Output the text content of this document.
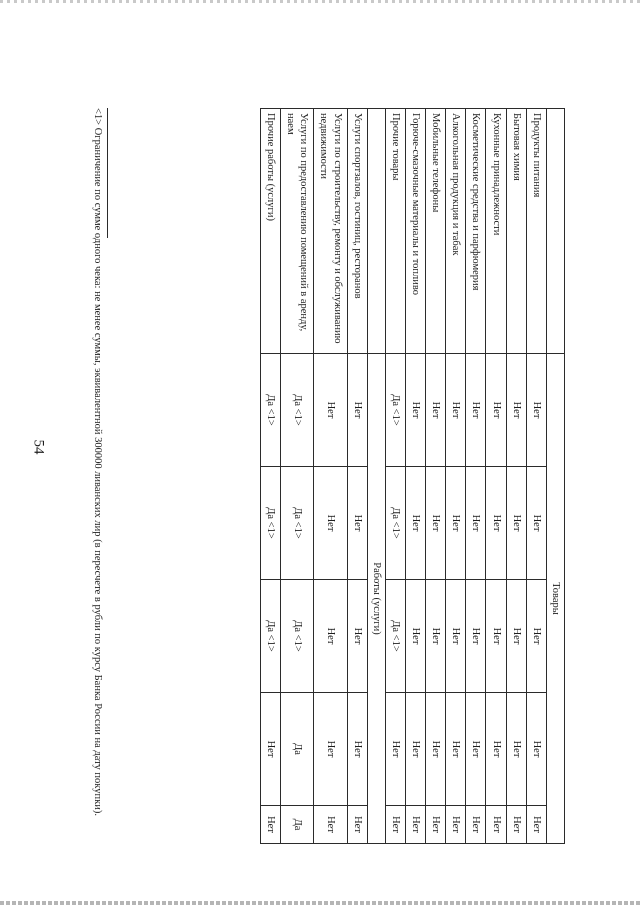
54
	Товары				
Продукты питания	Нет	Нет	Нет	Нет	Нет
Бытовая химия	Нет	Нет	Нет	Нет	Нет
Кухонные принадлежности	Нет	Нет	Нет	Нет	Нет
Косметические средства и парфюмерия	Нет	Нет	Нет	Нет	Нет
Алкогольная продукция и табак	Нет	Нет	Нет	Нет	Нет
Мобильные телефоны	Нет	Нет	Нет	Нет	Нет
Горюче-смазочные материалы и топливо	Нет	Нет	Нет	Нет	Нет
Прочие товары	Да <1>	Да <1>	Да <1>	Нет	Нет
	Работы (услуги)				
Услуги спортзалов, гостиниц, ресторанов	Нет	Нет	Нет	Нет	Нет
Услуги по строительству, ремонту и обслуживанию недвижимости	Нет	Нет	Нет	Нет	Нет
Услуги по предоставлению помещений в аренду, наем	Да <1>	Да <1>	Да <1>	Да	Да
Прочие работы (услуги)	Да <1>	Да <1>	Да <1>	Нет	Нет

<1> Ограничение по сумме одного чека: не менее суммы, эквивалентной 300000 ливанских лир (в пересчете в рубли по курсу Банка России на дату покупки).
